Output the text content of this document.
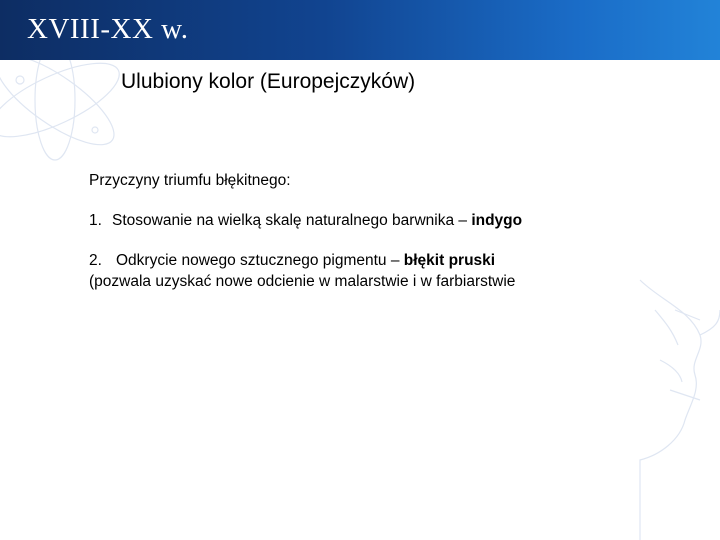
XVIII-XX w.
Ulubiony kolor (Europejczyków)

Przyczyny triumfu błękitnego:

1. Stosowanie na wielką skalę naturalnego barwnika – indygo

2. Odkrycie nowego sztucznego pigmentu – błękit pruski

(pozwala uzyskać nowe odcienie w malarstwie i w farbiarstwie
